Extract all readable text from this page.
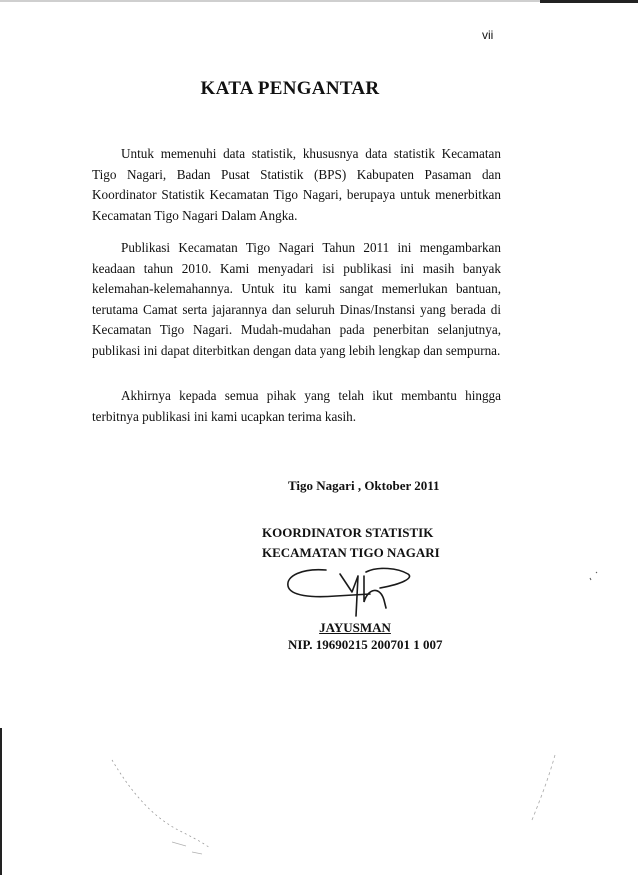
vii
KATA PENGANTAR

Untuk memenuhi data statistik, khususnya data statistik Kecamatan Tigo Nagari, Badan Pusat Statistik (BPS) Kabupaten Pasaman dan Koordinator Statistik Kecamatan Tigo Nagari, berupaya untuk menerbitkan Kecamatan Tigo Nagari Dalam Angka.

Publikasi Kecamatan Tigo Nagari Tahun 2011 ini mengambarkan keadaan tahun 2010. Kami menyadari isi publikasi ini masih banyak kelemahan-kelemahannya. Untuk itu kami sangat memerlukan bantuan, terutama Camat serta jajarannya dan seluruh Dinas/Instansi yang berada di Kecamatan Tigo Nagari. Mudah-mudahan pada penerbitan selanjutnya, publikasi ini dapat diterbitkan dengan data yang lebih lengkap dan sempurna.

Akhirnya kepada semua pihak yang telah ikut membantu hingga terbitnya publikasi ini kami ucapkan terima kasih.

Tigo Nagari , Oktober 2011
KOORDINATOR STATISTIK
KECAMATAN TIGO NAGARI
JAYUSMAN
NIP. 19690215 200701 1 007
